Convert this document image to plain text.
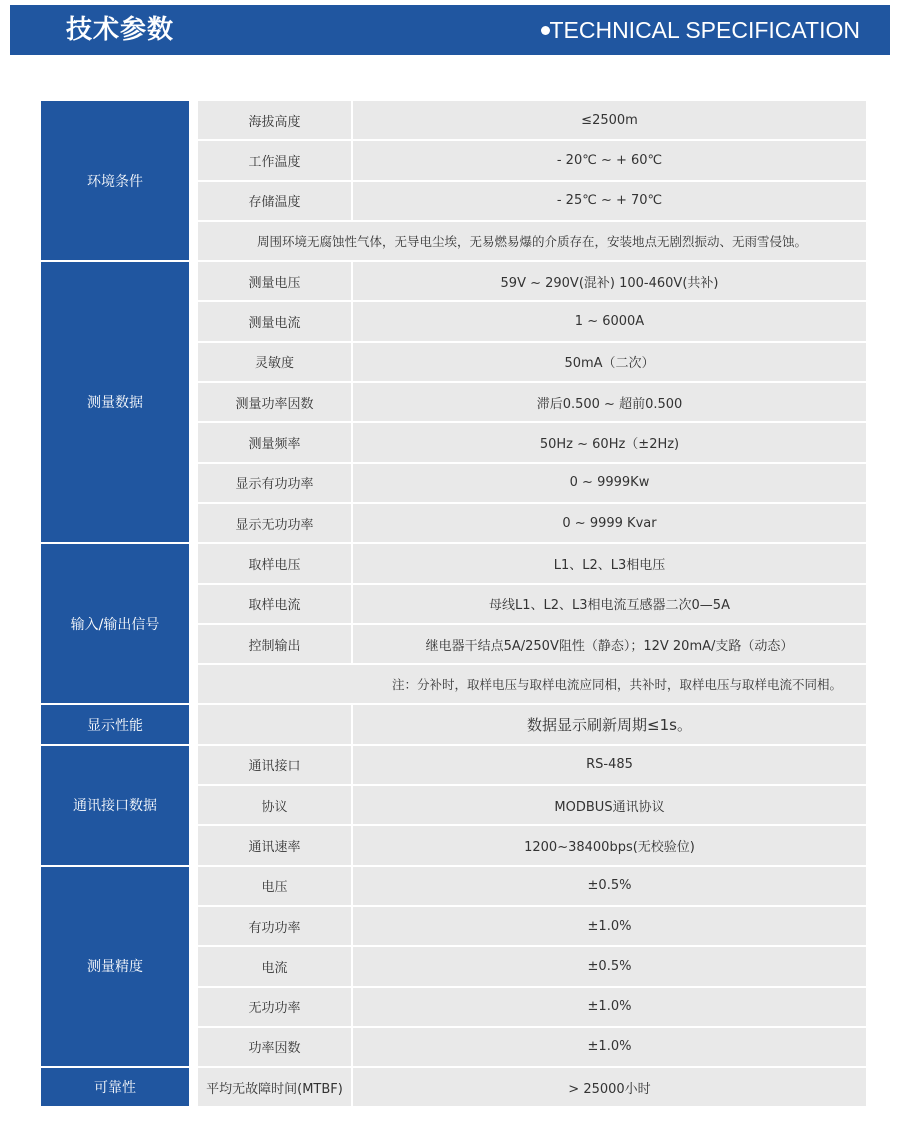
技术参数	TECHNICAL SPECIFICATION
环境条件
海拔高度	≤2500m
工作温度	- 20℃ ~ + 60℃
存储温度	- 25℃ ~ + 70℃
周围环境无腐蚀性气体，无导电尘埃，无易燃易爆的介质存在，安装地点无剧烈振动、无雨雪侵蚀。
测量数据
测量电压	59V ~ 290V(混补) 100-460V(共补)
测量电流	1 ~ 6000A
灵敏度	50mA（二次）
测量功率因数	滞后0.500 ~ 超前0.500
测量频率	50Hz ~ 60Hz（±2Hz)
显示有功功率	0 ~ 9999Kw
显示无功功率	0 ~ 9999 Kvar
输入/输出信号
取样电压	L1、L2、L3相电压
取样电流	母线L1、L2、L3相电流互感器二次0—5A
控制输出	继电器干结点5A/250V阻性（静态）；12V 20mA/支路（动态）
注：分补时，取样电压与取样电流应同相，共补时，取样电压与取样电流不同相。
显示性能	数据显示刷新周期≤1s。
通讯接口数据
通讯接口	RS-485
协议	MODBUS通讯协议
通讯速率	1200~38400bps(无校验位)
测量精度
电压	±0.5%
有功功率	±1.0%
电流	±0.5%
无功功率	±1.0%
功率因数	±1.0%
可靠性	平均无故障时间(MTBF)	> 25000小时
